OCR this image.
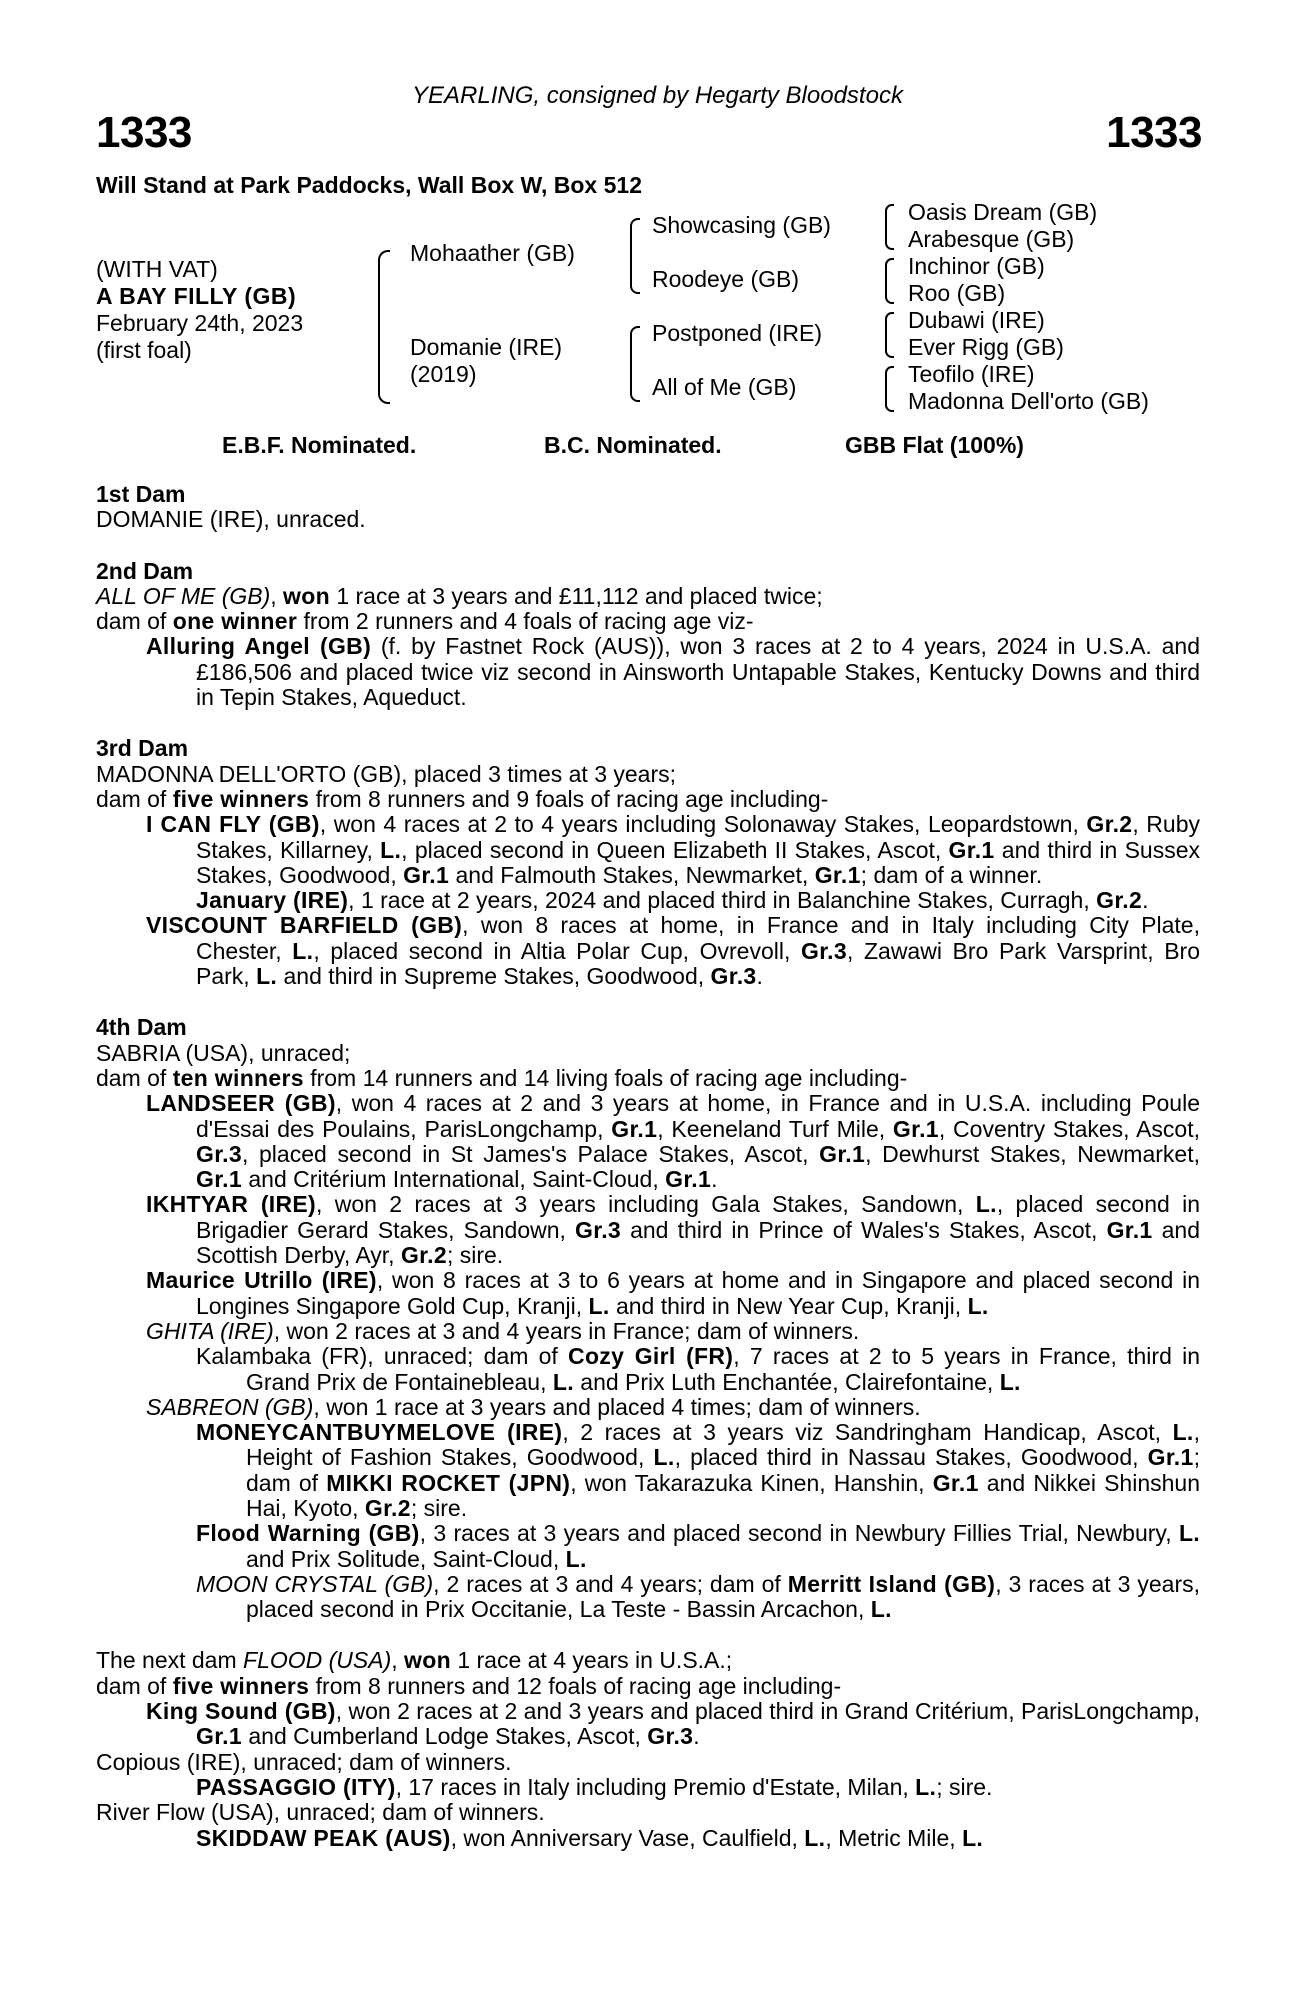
YEARLING, consigned by Hegarty Bloodstock
1333	1333
Will Stand at Park Paddocks, Wall Box W, Box 512
(WITH VAT)
A BAY FILLY (GB)
February 24th, 2023
(first foal)
Mohaather (GB)
Domanie (IRE)
(2019)
Showcasing (GB)
Roodeye (GB)
Postponed (IRE)
All of Me (GB)
Oasis Dream (GB)
Arabesque (GB)
Inchinor (GB)
Roo (GB)
Dubawi (IRE)
Ever Rigg (GB)
Teofilo (IRE)
Madonna Dell'orto (GB)
E.B.F. Nominated.	B.C. Nominated.	GBB Flat (100%)
1st Dam
DOMANIE (IRE), unraced.
2nd Dam
ALL OF ME (GB), won 1 race at 3 years and £11,112 and placed twice;
dam of one winner from 2 runners and 4 foals of racing age viz-
Alluring Angel (GB) (f. by Fastnet Rock (AUS)), won 3 races at 2 to 4 years, 2024 in U.S.A. and £186,506 and placed twice viz second in Ainsworth Untapable Stakes, Kentucky Downs and third in Tepin Stakes, Aqueduct.
3rd Dam
MADONNA DELL'ORTO (GB), placed 3 times at 3 years;
dam of five winners from 8 runners and 9 foals of racing age including-
I CAN FLY (GB), won 4 races at 2 to 4 years including Solonaway Stakes, Leopardstown, Gr.2, Ruby Stakes, Killarney, L., placed second in Queen Elizabeth II Stakes, Ascot, Gr.1 and third in Sussex Stakes, Goodwood, Gr.1 and Falmouth Stakes, Newmarket, Gr.1; dam of a winner.
January (IRE), 1 race at 2 years, 2024 and placed third in Balanchine Stakes, Curragh, Gr.2.
VISCOUNT BARFIELD (GB), won 8 races at home, in France and in Italy including City Plate, Chester, L., placed second in Altia Polar Cup, Ovrevoll, Gr.3, Zawawi Bro Park Varsprint, Bro Park, L. and third in Supreme Stakes, Goodwood, Gr.3.
4th Dam
SABRIA (USA), unraced;
dam of ten winners from 14 runners and 14 living foals of racing age including-
LANDSEER (GB), won 4 races at 2 and 3 years at home, in France and in U.S.A. including Poule d'Essai des Poulains, ParisLongchamp, Gr.1, Keeneland Turf Mile, Gr.1, Coventry Stakes, Ascot, Gr.3, placed second in St James's Palace Stakes, Ascot, Gr.1, Dewhurst Stakes, Newmarket, Gr.1 and Critérium International, Saint-Cloud, Gr.1.
IKHTYAR (IRE), won 2 races at 3 years including Gala Stakes, Sandown, L., placed second in Brigadier Gerard Stakes, Sandown, Gr.3 and third in Prince of Wales's Stakes, Ascot, Gr.1 and Scottish Derby, Ayr, Gr.2; sire.
Maurice Utrillo (IRE), won 8 races at 3 to 6 years at home and in Singapore and placed second in Longines Singapore Gold Cup, Kranji, L. and third in New Year Cup, Kranji, L.
GHITA (IRE), won 2 races at 3 and 4 years in France; dam of winners.
Kalambaka (FR), unraced; dam of Cozy Girl (FR), 7 races at 2 to 5 years in France, third in Grand Prix de Fontainebleau, L. and Prix Luth Enchantée, Clairefontaine, L.
SABREON (GB), won 1 race at 3 years and placed 4 times; dam of winners.
MONEYCANTBUYMELOVE (IRE), 2 races at 3 years viz Sandringham Handicap, Ascot, L., Height of Fashion Stakes, Goodwood, L., placed third in Nassau Stakes, Goodwood, Gr.1; dam of MIKKI ROCKET (JPN), won Takarazuka Kinen, Hanshin, Gr.1 and Nikkei Shinshun Hai, Kyoto, Gr.2; sire.
Flood Warning (GB), 3 races at 3 years and placed second in Newbury Fillies Trial, Newbury, L. and Prix Solitude, Saint-Cloud, L.
MOON CRYSTAL (GB), 2 races at 3 and 4 years; dam of Merritt Island (GB), 3 races at 3 years, placed second in Prix Occitanie, La Teste - Bassin Arcachon, L.
The next dam FLOOD (USA), won 1 race at 4 years in U.S.A.;
dam of five winners from 8 runners and 12 foals of racing age including-
King Sound (GB), won 2 races at 2 and 3 years and placed third in Grand Critérium, ParisLongchamp, Gr.1 and Cumberland Lodge Stakes, Ascot, Gr.3.
Copious (IRE), unraced; dam of winners.
PASSAGGIO (ITY), 17 races in Italy including Premio d'Estate, Milan, L.; sire.
River Flow (USA), unraced; dam of winners.
SKIDDAW PEAK (AUS), won Anniversary Vase, Caulfield, L., Metric Mile, L.
